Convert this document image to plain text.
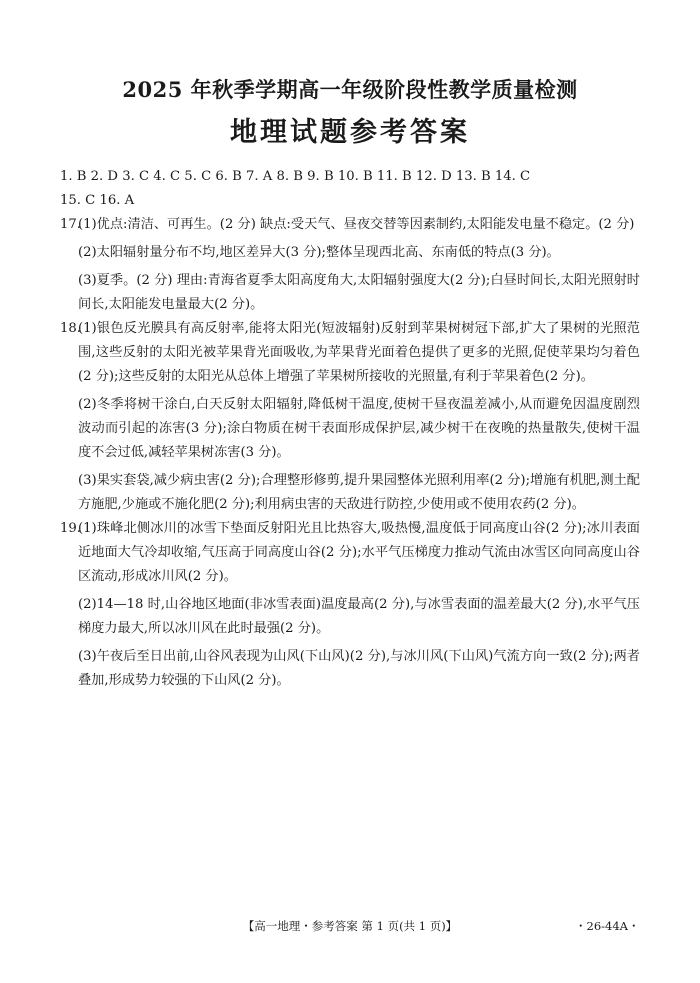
2025 年秋季学期高一年级阶段性教学质量检测
地理试题参考答案
1. B 2. D 3. C 4. C 5. C 6. B 7. A 8. B 9. B 10. B 11. B 12. D 13. B 14. C
15. C 16. A
17.
(1)优点:清洁、可再生。(2 分) 缺点:受天气、昼夜交替等因素制约,太阳能发电量不稳定。(2 分)
(2)太阳辐射量分布不均,地区差异大(3 分);整体呈现西北高、东南低的特点(3 分)。
(3)夏季。(2 分) 理由:青海省夏季太阳高度角大,太阳辐射强度大(2 分);白昼时间长,太阳光照射时间长,太阳能发电量最大(2 分)。
18.
(1)银色反光膜具有高反射率,能将太阳光(短波辐射)反射到苹果树树冠下部,扩大了果树的光照范围,这些反射的太阳光被苹果背光面吸收,为苹果背光面着色提供了更多的光照,促使苹果均匀着色(2 分);这些反射的太阳光从总体上增强了苹果树所接收的光照量,有利于苹果着色(2 分)。
(2)冬季将树干涂白,白天反射太阳辐射,降低树干温度,使树干昼夜温差减小,从而避免因温度剧烈波动而引起的冻害(3 分);涂白物质在树干表面形成保护层,减少树干在夜晚的热量散失,使树干温度不会过低,减轻苹果树冻害(3 分)。
(3)果实套袋,减少病虫害(2 分);合理整形修剪,提升果园整体光照利用率(2 分);增施有机肥,测土配方施肥,少施或不施化肥(2 分);利用病虫害的天敌进行防控,少使用或不使用农药(2 分)。
19.
(1)珠峰北侧冰川的冰雪下垫面反射阳光且比热容大,吸热慢,温度低于同高度山谷(2 分);冰川表面近地面大气冷却收缩,气压高于同高度山谷(2 分);水平气压梯度力推动气流由冰雪区向同高度山谷区流动,形成冰川风(2 分)。
(2)14—18 时,山谷地区地面(非冰雪表面)温度最高(2 分),与冰雪表面的温差最大(2 分),水平气压梯度力最大,所以冰川风在此时最强(2 分)。
(3)午夜后至日出前,山谷风表现为山风(下山风)(2 分),与冰川风(下山风)气流方向一致(2 分);两者叠加,形成势力较强的下山风(2 分)。
【高一地理・参考答案 第 1 页(共 1 页)】	・26-44A・
